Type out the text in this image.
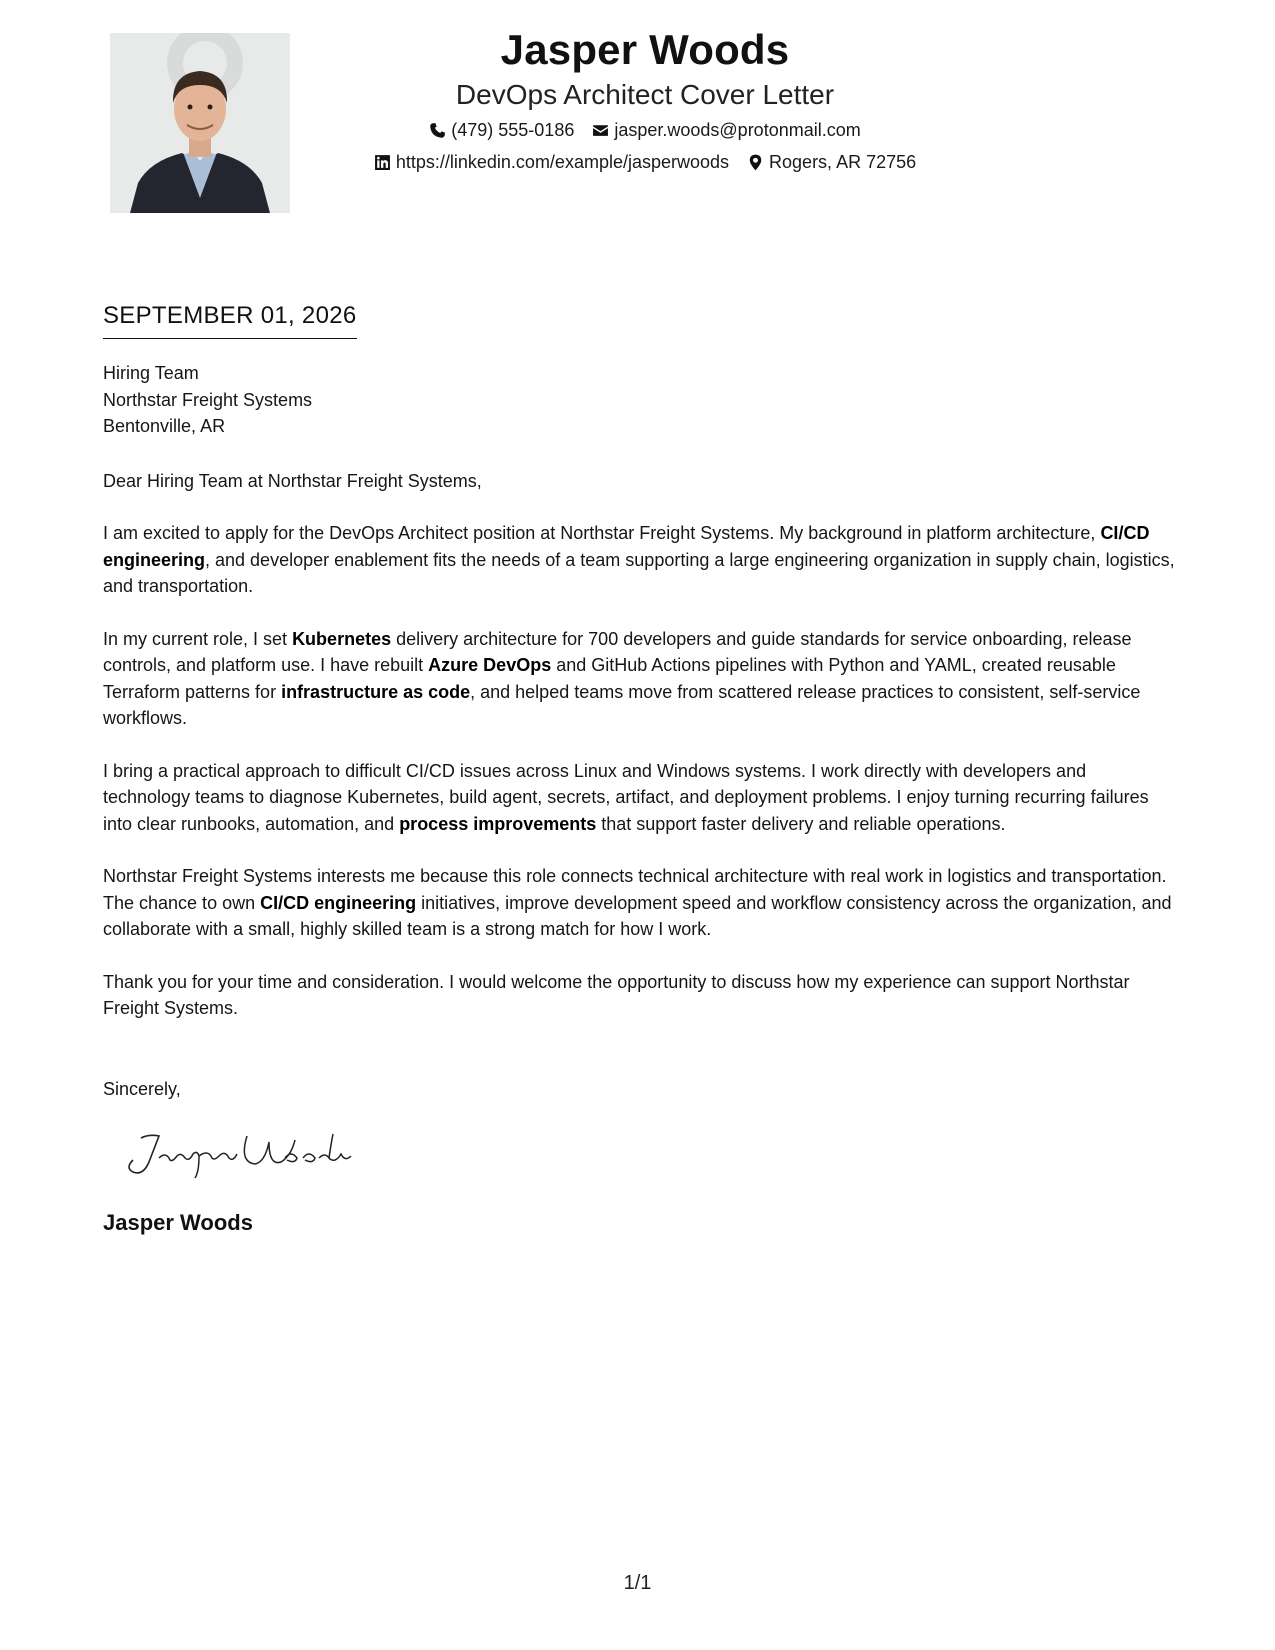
Jasper Woods
DevOps Architect Cover Letter
(479) 555-0186 jasper.woods@protonmail.com
https://linkedin.com/example/jasperwoods Rogers, AR 72756
SEPTEMBER 01, 2026
Hiring Team
Northstar Freight Systems
Bentonville, AR
Dear Hiring Team at Northstar Freight Systems,
I am excited to apply for the DevOps Architect position at Northstar Freight Systems. My background in platform architecture, CI/CD engineering, and developer enablement fits the needs of a team supporting a large engineering organization in supply chain, logistics, and transportation.
In my current role, I set Kubernetes delivery architecture for 700 developers and guide standards for service onboarding, release controls, and platform use. I have rebuilt Azure DevOps and GitHub Actions pipelines with Python and YAML, created reusable Terraform patterns for infrastructure as code, and helped teams move from scattered release practices to consistent, self-service workflows.
I bring a practical approach to difficult CI/CD issues across Linux and Windows systems. I work directly with developers and technology teams to diagnose Kubernetes, build agent, secrets, artifact, and deployment problems. I enjoy turning recurring failures into clear runbooks, automation, and process improvements that support faster delivery and reliable operations.
Northstar Freight Systems interests me because this role connects technical architecture with real work in logistics and transportation. The chance to own CI/CD engineering initiatives, improve development speed and workflow consistency across the organization, and collaborate with a small, highly skilled team is a strong match for how I work.
Thank you for your time and consideration. I would welcome the opportunity to discuss how my experience can support Northstar Freight Systems.
Sincerely,
Jasper Woods
1/1
